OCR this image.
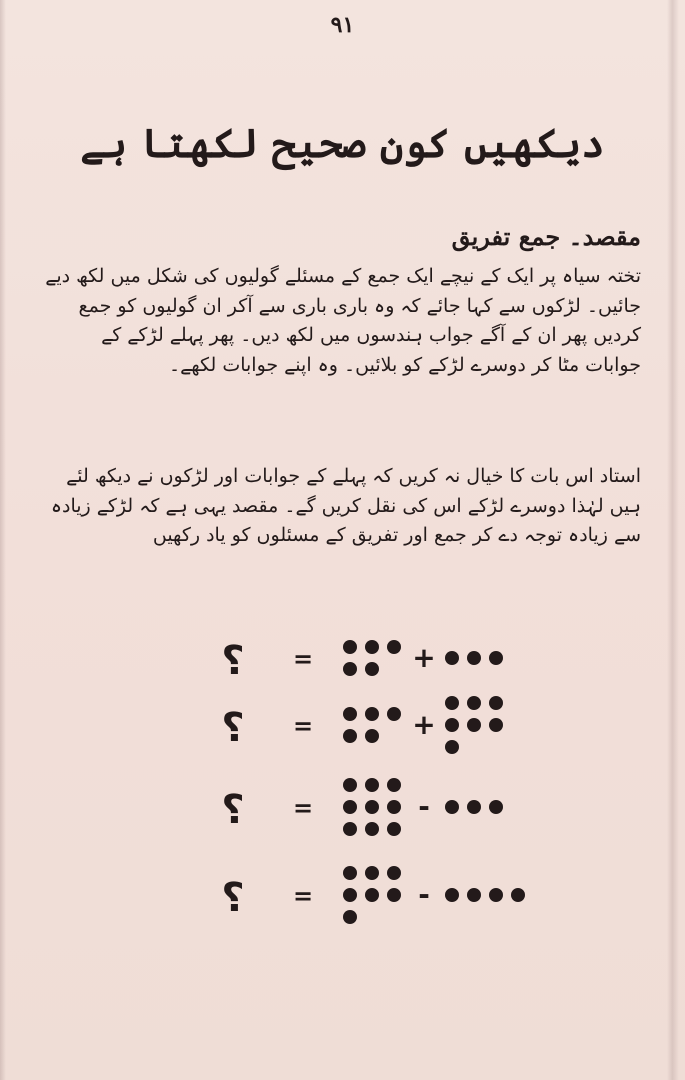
۹۱
دیکھیں کون صحیح لکھتا ہے
مقصد۔ جمع تفریق
تختہ سیاہ پر ایک کے نیچے ایک جمع کے مسئلے گولیوں کی شکل میں لکھ دیے جائیں۔ لڑکوں سے کہا جائے کہ وہ باری باری سے آکر ان گولیوں کو جمع کردیں پھر ان کے آگے جواب ہندسوں میں لکھ دیں۔ پھر پہلے لڑکے کے جوابات مٹا کر دوسرے لڑکے کو بلائیں۔ وہ اپنے جوابات لکھے۔
استاد اس بات کا خیال نہ کریں کہ پہلے کے جوابات اور لڑکوں نے دیکھ لئے ہیں لہٰذا دوسرے لڑکے اس کی نقل کریں گے۔ مقصد یہی ہے کہ لڑکے زیادہ سے زیادہ توجہ دے کر جمع اور تفریق کے مسئلوں کو یاد رکھیں
؟ =	+
؟ =	+
؟ =	-
؟ =	-
